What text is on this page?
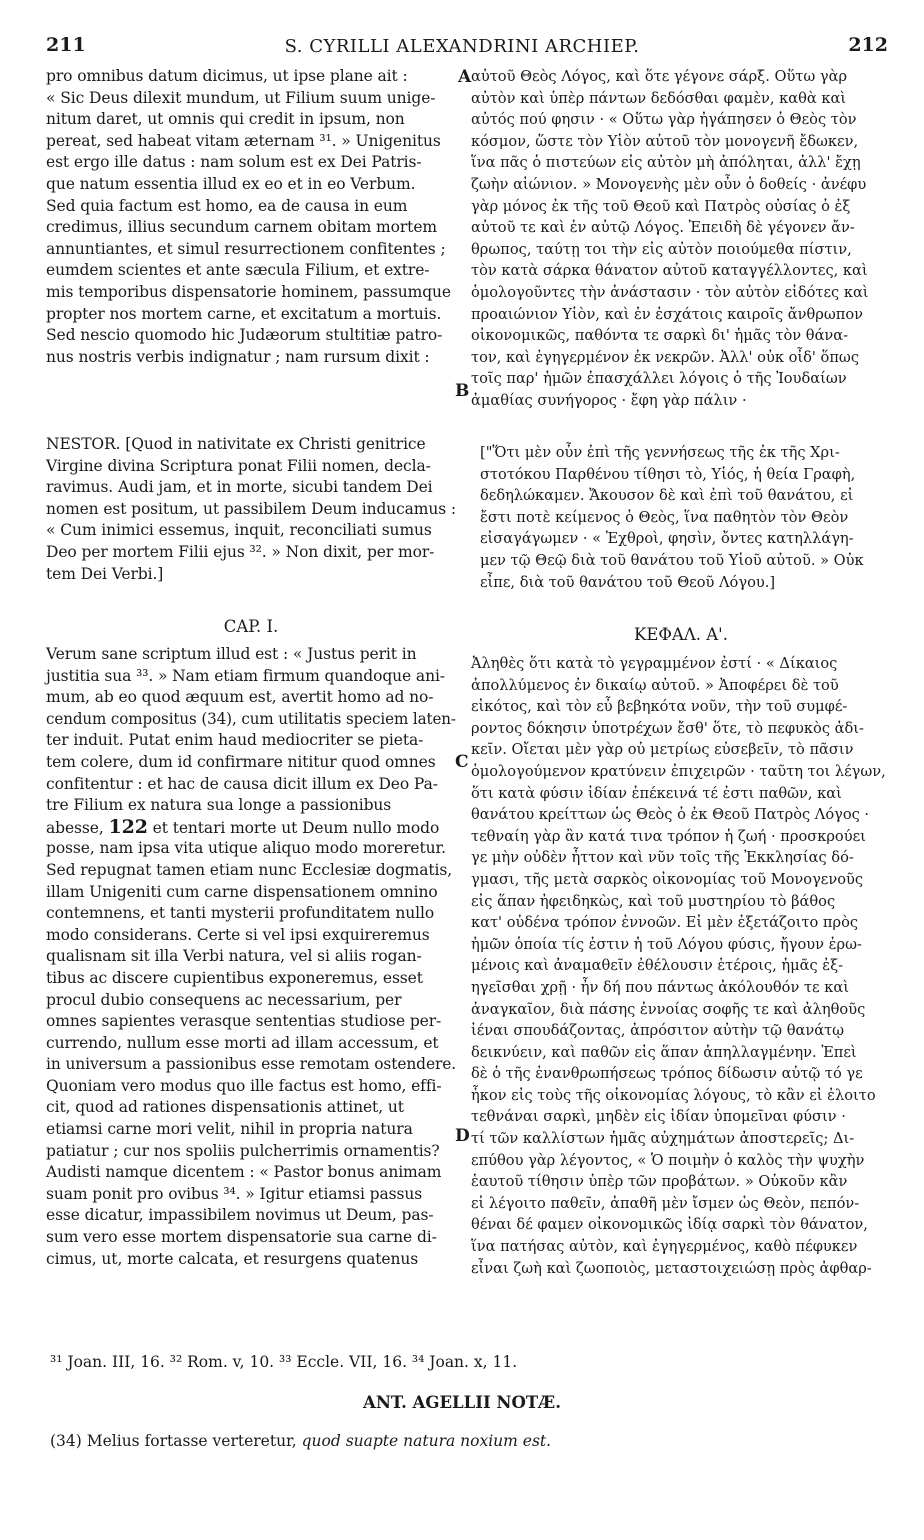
211	S. CYRILLI ALEXANDRINI ARCHIEP.	212
A
B
C
D
pro omnibus datum dicimus, ut ipse plane ait :
« Sic Deus dilexit mundum, ut Filium suum unige-
nitum daret, ut omnis qui credit in ipsum, non
pereat, sed habeat vitam æternam ³¹. » Unigenitus
est ergo ille datus : nam solum est ex Dei Patris-
que natum essentia illud ex eo et in eo Verbum.
Sed quia factum est homo, ea de causa in eum
credimus, illius secundum carnem obitam mortem
annuntiantes, et simul resurrectionem confitentes ;
eumdem scientes et ante sæcula Filium, et extre-
mis temporibus dispensatorie hominem, passumque
propter nos mortem carne, et excitatum a mortuis.
Sed nescio quomodo hic Judæorum stultitiæ patro-
nus nostris verbis indignatur ; nam rursum dixit :
NESTOR. [Quod in nativitate ex Christi genitrice
Virgine divina Scriptura ponat Filii nomen, decla-
ravimus. Audi jam, et in morte, sicubi tandem Dei
nomen est positum, ut passibilem Deum inducamus :
« Cum inimici essemus, inquit, reconciliati sumus
Deo per mortem Filii ejus ³². » Non dixit, per mor-
tem Dei Verbi.]
CAP. I.
Verum sane scriptum illud est : « Justus perit in
justitia sua ³³. » Nam etiam firmum quandoque ani-
mum, ab eo quod æquum est, avertit homo ad no-
cendum compositus (34), cum utilitatis speciem laten-
ter induit. Putat enim haud mediocriter se pieta-
tem colere, dum id confirmare nititur quod omnes
confitentur : et hac de causa dicit illum ex Deo Pa-
tre Filium ex natura sua longe a passionibus
abesse, 122 et tentari morte ut Deum nullo modo
posse, nam ipsa vita utique aliquo modo moreretur.
Sed repugnat tamen etiam nunc Ecclesiæ dogmatis,
illam Unigeniti cum carne dispensationem omnino
contemnens, et tanti mysterii profunditatem nullo
modo considerans. Certe si vel ipsi exquireremus
qualisnam sit illa Verbi natura, vel si aliis rogan-
tibus ac discere cupientibus exponeremus, esset
procul dubio consequens ac necessarium, per
omnes sapientes verasque sententias studiose per-
currendo, nullum esse morti ad illam accessum, et
in universum a passionibus esse remotam ostendere.
Quoniam vero modus quo ille factus est homo, effi-
cit, quod ad rationes dispensationis attinet, ut
etiamsi carne mori velit, nihil in propria natura
patiatur ; cur nos spoliis pulcherrimis ornamentis?
Audisti namque dicentem : « Pastor bonus animam
suam ponit pro ovibus ³⁴. » Igitur etiamsi passus
esse dicatur, impassibilem novimus ut Deum, pas-
sum vero esse mortem dispensatorie sua carne di-
cimus, ut, morte calcata, et resurgens quatenus
αὐτοῦ Θεὸς Λόγος, καὶ ὅτε γέγονε σάρξ. Οὕτω γὰρ
αὐτὸν καὶ ὑπὲρ πάντων δεδόσθαι φαμὲν, καθὰ καὶ
αὐτός πού φησιν · « Οὕτω γὰρ ἠγάπησεν ὁ Θεὸς τὸν
κόσμον, ὥστε τὸν Υἱὸν αὐτοῦ τὸν μονογενῆ ἔδωκεν,
ἵνα πᾶς ὁ πιστεύων εἰς αὐτὸν μὴ ἀπόληται, ἀλλ' ἔχῃ
ζωὴν αἰώνιον. » Μονογενὴς μὲν οὖν ὁ δοθείς · ἀνέφυ
γὰρ μόνος ἐκ τῆς τοῦ Θεοῦ καὶ Πατρὸς οὐσίας ὁ ἐξ
αὐτοῦ τε καὶ ἐν αὐτῷ Λόγος. Ἐπειδὴ δὲ γέγονεν ἄν-
θρωπος, ταύτῃ τοι τὴν εἰς αὐτὸν ποιούμεθα πίστιν,
τὸν κατὰ σάρκα θάνατον αὐτοῦ καταγγέλλοντες, καὶ
ὁμολογοῦντες τὴν ἀνάστασιν · τὸν αὐτὸν εἰδότες καὶ
προαιώνιον Υἱὸν, καὶ ἐν ἐσχάτοις καιροῖς ἄνθρωπον
οἰκονομικῶς, παθόντα τε σαρκὶ δι' ἡμᾶς τὸν θάνα-
τον, καὶ ἐγηγερμένον ἐκ νεκρῶν. Ἀλλ' οὐκ οἶδ' ὅπως
τοῖς παρ' ἡμῶν ἐπασχάλλει λόγοις ὁ τῆς Ἰουδαίων
ἀμαθίας συνήγορος · ἔφη γὰρ πάλιν ·
["Ὅτι μὲν οὖν ἐπὶ τῆς γεννήσεως τῆς ἐκ τῆς Χρι-
στοτόκου Παρθένου τίθησι τὸ, Υἱός, ἡ θεία Γραφὴ,
δεδηλώκαμεν. Ἄκουσον δὲ καὶ ἐπὶ τοῦ θανάτου, εἰ
ἔστι ποτὲ κείμενος ὁ Θεὸς, ἵνα παθητὸν τὸν Θεὸν
εἰσαγάγωμεν · « Ἐχθροὶ, φησὶν, ὄντες κατηλλάγη-
μεν τῷ Θεῷ διὰ τοῦ θανάτου τοῦ Υἱοῦ αὐτοῦ. » Οὐκ
εἶπε, διὰ τοῦ θανάτου τοῦ Θεοῦ Λόγου.]
ΚΕΦΑΛ. Α'.
Ἀληθὲς ὅτι κατὰ τὸ γεγραμμένον ἐστί · « Δίκαιος
ἀπολλύμενος ἐν δικαίῳ αὐτοῦ. » Ἀποφέρει δὲ τοῦ
εἰκότος, καὶ τὸν εὖ βεβηκότα νοῦν, τὴν τοῦ συμφέ-
ροντος δόκησιν ὑποτρέχων ἔσθ' ὅτε, τὸ πεφυκὸς ἀδι-
κεῖν. Οἴεται μὲν γὰρ οὐ μετρίως εὐσεβεῖν, τὸ πᾶσιν
ὁμολογούμενον κρατύνειν ἐπιχειρῶν · ταῦτη τοι λέγων,
ὅτι κατὰ φύσιν ἰδίαν ἐπέκεινά τέ ἐστι παθῶν, καὶ
θανάτου κρείττων ὡς Θεὸς ὁ ἐκ Θεοῦ Πατρὸς Λόγος ·
τεθναίη γὰρ ἂν κατά τινα τρόπον ἡ ζωή · προσκρούει
γε μὴν οὐδὲν ἧττον καὶ νῦν τοῖς τῆς Ἐκκλησίας δό-
γμασι, τῆς μετὰ σαρκὸς οἰκονομίας τοῦ Μονογενοῦς
εἰς ἅπαν ἠφειδηκὼς, καὶ τοῦ μυστηρίου τὸ βάθος
κατ' οὐδένα τρόπον ἐννοῶν. Εἰ μὲν ἐξετάζοιτο πρὸς
ἡμῶν ὁποία τίς ἐστιν ἡ τοῦ Λόγου φύσις, ἤγουν ἐρω-
μένοις καὶ ἀναμαθεῖν ἐθέλουσιν ἑτέροις, ἡμᾶς ἐξ-
ηγεῖσθαι χρῇ · ἦν δή που πάντως ἀκόλουθόν τε καὶ
ἀναγκαῖον, διὰ πάσης ἐννοίας σοφῆς τε καὶ ἀληθοῦς
ἰέναι σπουδάζοντας, ἀπρόσιτον αὐτὴν τῷ θανάτῳ
δεικνύειν, καὶ παθῶν εἰς ἅπαν ἀπηλλαγμένην. Ἐπεὶ
δὲ ὁ τῆς ἐνανθρωπήσεως τρόπος δίδωσιν αὐτῷ τό γε
ἧκον εἰς τοὺς τῆς οἰκονομίας λόγους, τὸ κἂν εἰ ἐλοιτο
τεθνάναι σαρκὶ, μηδὲν εἰς ἰδίαν ὑπομεῖναι φύσιν ·
τί τῶν καλλίστων ἡμᾶς αὐχημάτων ἀποστερεῖς; Δι-
επύθου γὰρ λέγοντος, « Ὁ ποιμὴν ὁ καλὸς τὴν ψυχὴν
ἑαυτοῦ τίθησιν ὑπὲρ τῶν προβάτων. » Οὐκοῦν κἂν
εἰ λέγοιτο παθεῖν, ἀπαθῆ μὲν ἴσμεν ὡς Θεὸν, πεπόν-
θέναι δέ φαμεν οἰκονομικῶς ἰδίᾳ σαρκὶ τὸν θάνατον,
ἵνα πατήσας αὐτὸν, καὶ ἐγηγερμένος, καθὸ πέφυκεν
εἶναι ζωὴ καὶ ζωοποιὸς, μεταστοιχειώσῃ πρὸς ἀφθαρ-
³¹ Joan. III, 16. ³² Rom. v, 10. ³³ Eccle. VII, 16. ³⁴ Joan. x, 11.
ANT. AGELLII NOTÆ.
(34) Melius fortasse verteretur, quod suapte natura noxium est.
